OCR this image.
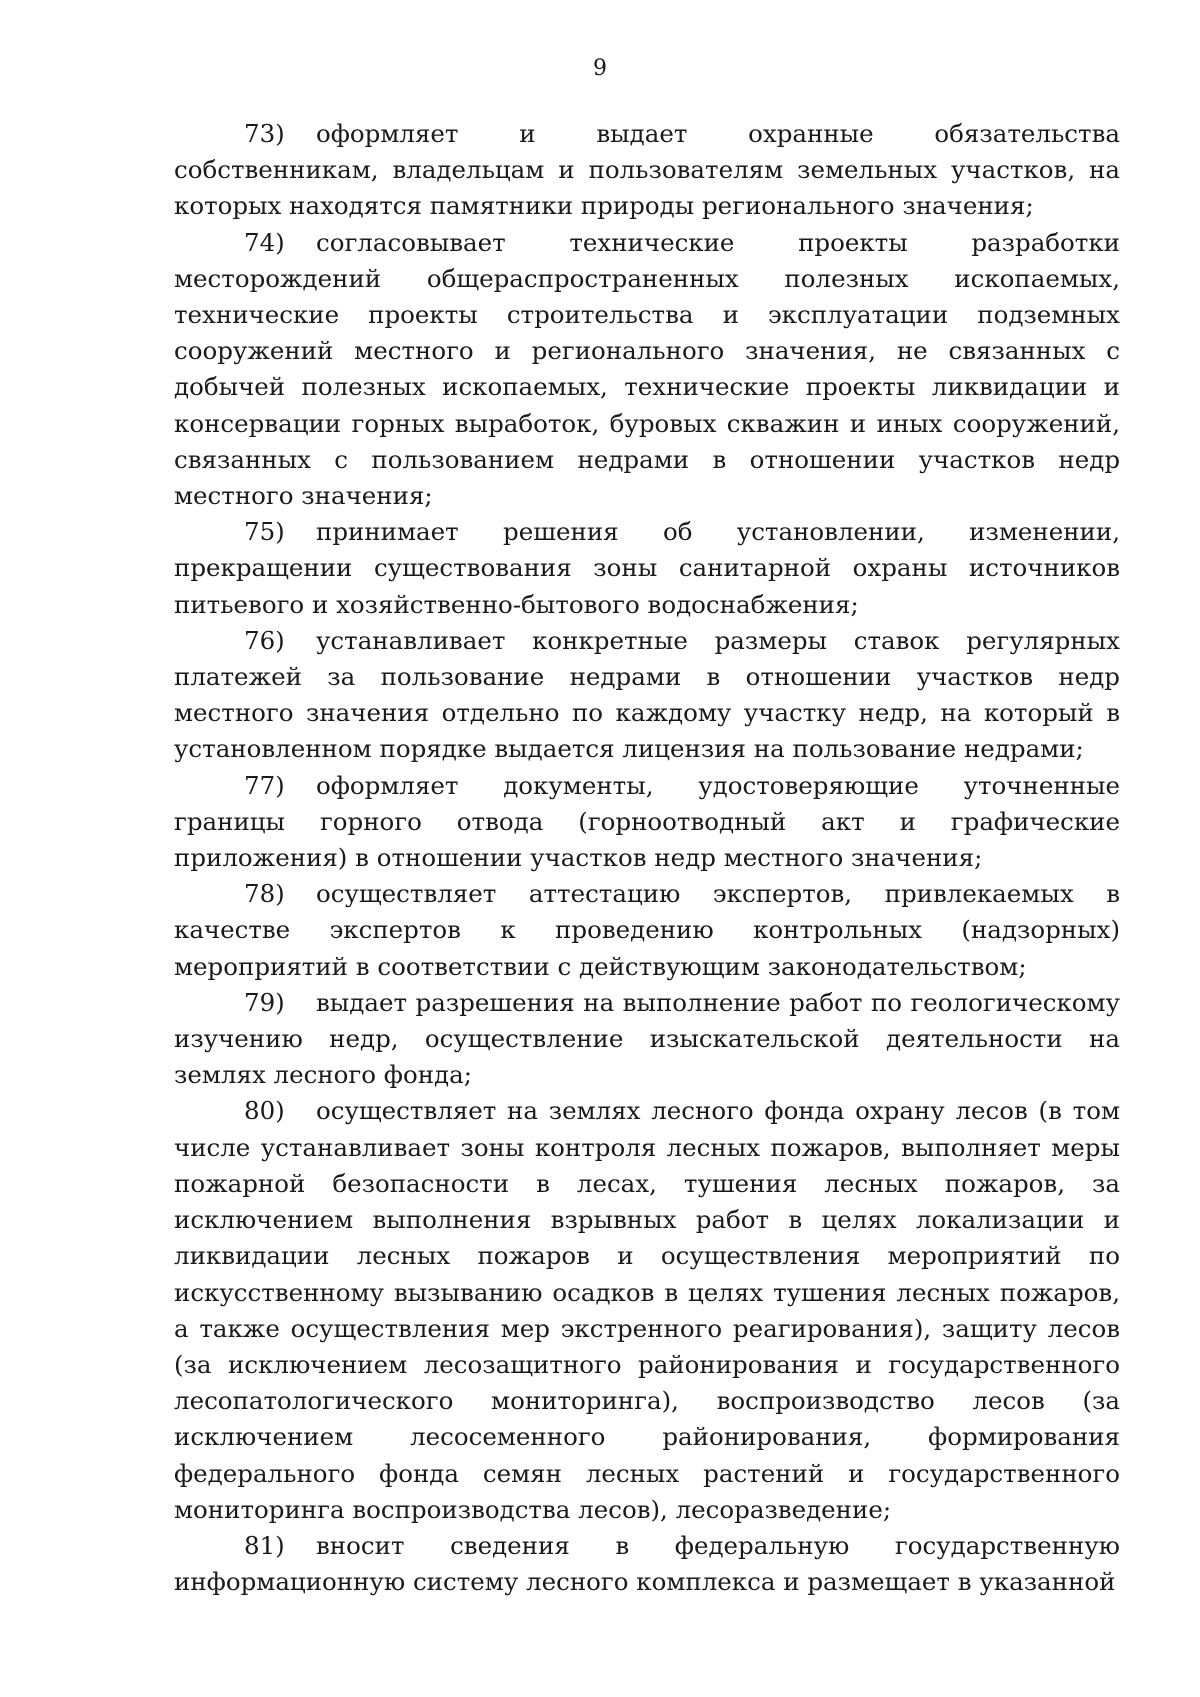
9

73) оформляет и выдает охранные обязательства собственникам, владельцам и пользователям земельных участков, на которых находятся памятники природы регионального значения;

74) согласовывает технические проекты разработки месторождений общераспространенных полезных ископаемых, технические проекты строительства и эксплуатации подземных сооружений местного и регионального значения, не связанных с добычей полезных ископаемых, технические проекты ликвидации и консервации горных выработок, буровых скважин и иных сооружений, связанных с пользованием недрами в отношении участков недр местного значения;

75) принимает решения об установлении, изменении, прекращении существования зоны санитарной охраны источников питьевого и хозяйственно-бытового водоснабжения;

76) устанавливает конкретные размеры ставок регулярных платежей за пользование недрами в отношении участков недр местного значения отдельно по каждому участку недр, на который в установленном порядке выдается лицензия на пользование недрами;

77) оформляет документы, удостоверяющие уточненные границы горного отвода (горноотводный акт и графические приложения) в отношении участков недр местного значения;

78) осуществляет аттестацию экспертов, привлекаемых в качестве экспертов к проведению контрольных (надзорных) мероприятий в соответствии с действующим законодательством;

79) выдает разрешения на выполнение работ по геологическому изучению недр, осуществление изыскательской деятельности на землях лесного фонда;

80) осуществляет на землях лесного фонда охрану лесов (в том числе устанавливает зоны контроля лесных пожаров, выполняет меры пожарной безопасности в лесах, тушения лесных пожаров, за исключением выполнения взрывных работ в целях локализации и ликвидации лесных пожаров и осуществления мероприятий по искусственному вызыванию осадков в целях тушения лесных пожаров, а также осуществления мер экстренного реагирования), защиту лесов (за исключением лесозащитного районирования и государственного лесопатологического мониторинга), воспроизводство лесов (за исключением лесосеменного районирования, формирования федерального фонда семян лесных растений и государственного мониторинга воспроизводства лесов), лесоразведение;

81) вносит сведения в федеральную государственную информационную систему лесного комплекса и размещает в указанной
